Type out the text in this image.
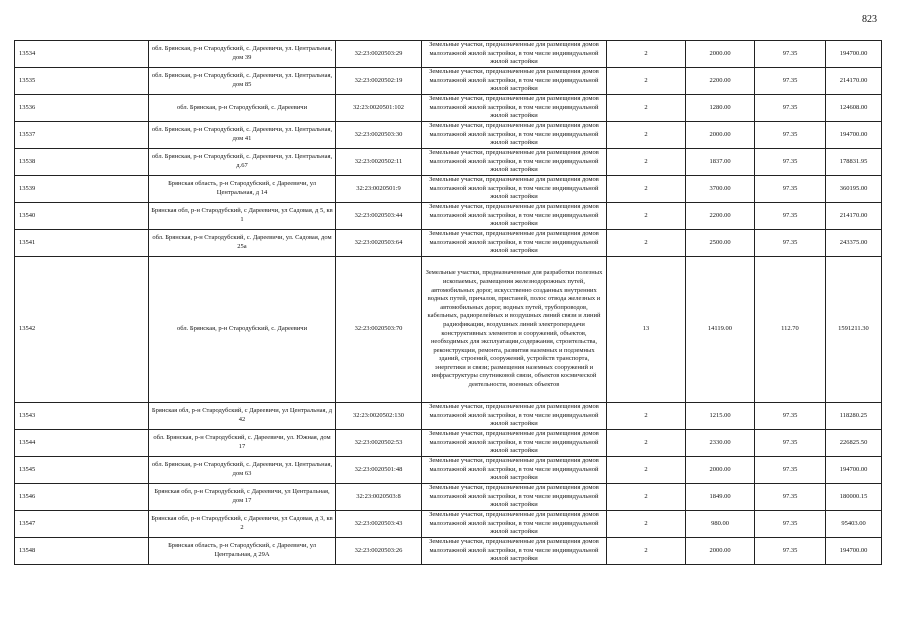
823
13534	обл. Брянская, р-н Стародубский, с. Дареевичи, ул. Центральная, дом 39	32:23:0020503:29	Земельные участки, предназначенные для размещения домов малоэтажной жилой застройки, в том числе индивидуальной жилой застройки	2	2000.00	97.35	194700.00
13535	обл. Брянская, р-н Стародубский, с. Дареевичи, ул. Центральная, дом 85	32:23:0020502:19	Земельные участки, предназначенные для размещения домов малоэтажной жилой застройки, в том числе индивидуальной жилой застройки	2	2200.00	97.35	214170.00
13536	обл. Брянская, р-н Стародубский, с. Дареевичи	32:23:0020501:102	Земельные участки, предназначенные для размещения домов малоэтажной жилой застройки, в том числе индивидуальной жилой застройки	2	1280.00	97.35	124608.00
13537	обл. Брянская, р-н Стародубский, с. Дареевичи, ул. Центральная, дом 41	32:23:0020503:30	Земельные участки, предназначенные для размещения домов малоэтажной жилой застройки, в том числе индивидуальной жилой застройки	2	2000.00	97.35	194700.00
13538	обл. Брянская, р-н Стародубский, с. Дареевичи, ул. Центральная, д.67	32:23:0020502:11	Земельные участки, предназначенные для размещения домов малоэтажной жилой застройки, в том числе индивидуальной жилой застройки	2	1837.00	97.35	178831.95
13539	Брянская область, р-н Стародубский, с Дареевичи, ул Центральная, д 14	32:23:0020501:9	Земельные участки, предназначенные для размещения домов малоэтажной жилой застройки, в том числе индивидуальной жилой застройки	2	3700.00	97.35	360195.00
13540	Брянская обл, р-н Стародубский, с Дареевичи, ул Садовая, д 5, кв 1	32:23:0020503:44	Земельные участки, предназначенные для размещения домов малоэтажной жилой застройки, в том числе индивидуальной жилой застройки	2	2200.00	97.35	214170.00
13541	обл. Брянская, р-н Стародубский, с. Дареевичи, ул. Садовая, дом 25а	32:23:0020503:64	Земельные участки, предназначенные для размещения домов малоэтажной жилой застройки, в том числе индивидуальной жилой застройки	2	2500.00	97.35	243375.00
13542	обл. Брянская, р-н Стародубский, с. Дареевичи	32:23:0020503:70	Земельные участки, предназначенные для разработки полезных ископаемых, размещения железнодорожных путей, автомобильных дорог, искусственно созданных внутренних водных путей, причалов, пристаней, полос отвода железных и автомобильных дорог, водных путей, трубопроводов, кабельных, радиорелейных и воздушных линий связи и линий радиофикации, воздушных линий электропередачи конструктивных элементов и сооружений, объектов, необходимых для эксплуатации,содержания, строительства, реконструкции, ремонта, развития наземных и подземных зданий, строений, сооружений, устройств транспорта, энергетики и связи; размещения наземных сооружений и инфраструктуры спутниковой связи, объектов космической деятельности, военных объектов	13	14119.00	112.70	1591211.30
13543	Брянская обл, р-н Стародубский, с Дареевичи, ул Центральная, д 42	32:23:0020502:130	Земельные участки, предназначенные для размещения домов малоэтажной жилой застройки, в том числе индивидуальной жилой застройки	2	1215.00	97.35	118280.25
13544	обл. Брянская, р-н Стародубский, с. Дареевичи, ул. Южная, дом 17	32:23:0020502:53	Земельные участки, предназначенные для размещения домов малоэтажной жилой застройки, в том числе индивидуальной жилой застройки	2	2330.00	97.35	226825.50
13545	обл. Брянская, р-н Стародубский, с. Дареевичи, ул. Центральная, дом 63	32:23:0020501:48	Земельные участки, предназначенные для размещения домов малоэтажной жилой застройки, в том числе индивидуальной жилой застройки	2	2000.00	97.35	194700.00
13546	Брянская обл, р-н Стародубский, с Дареевичи, ул Центральная, дом 17	32:23:0020503:8	Земельные участки, предназначенные для размещения домов малоэтажной жилой застройки, в том числе индивидуальной жилой застройки	2	1849.00	97.35	180000.15
13547	Брянская обл, р-н Стародубский, с Дареевичи, ул Садовая, д 3, кв 2	32:23:0020503:43	Земельные участки, предназначенные для размещения домов малоэтажной жилой застройки, в том числе индивидуальной жилой застройки	2	980.00	97.35	95403.00
13548	Брянская область, р-н Стародубский, с Дареевичи, ул Центральная, д 29А	32:23:0020503:26	Земельные участки, предназначенные для размещения домов малоэтажной жилой застройки, в том числе индивидуальной жилой застройки	2	2000.00	97.35	194700.00
